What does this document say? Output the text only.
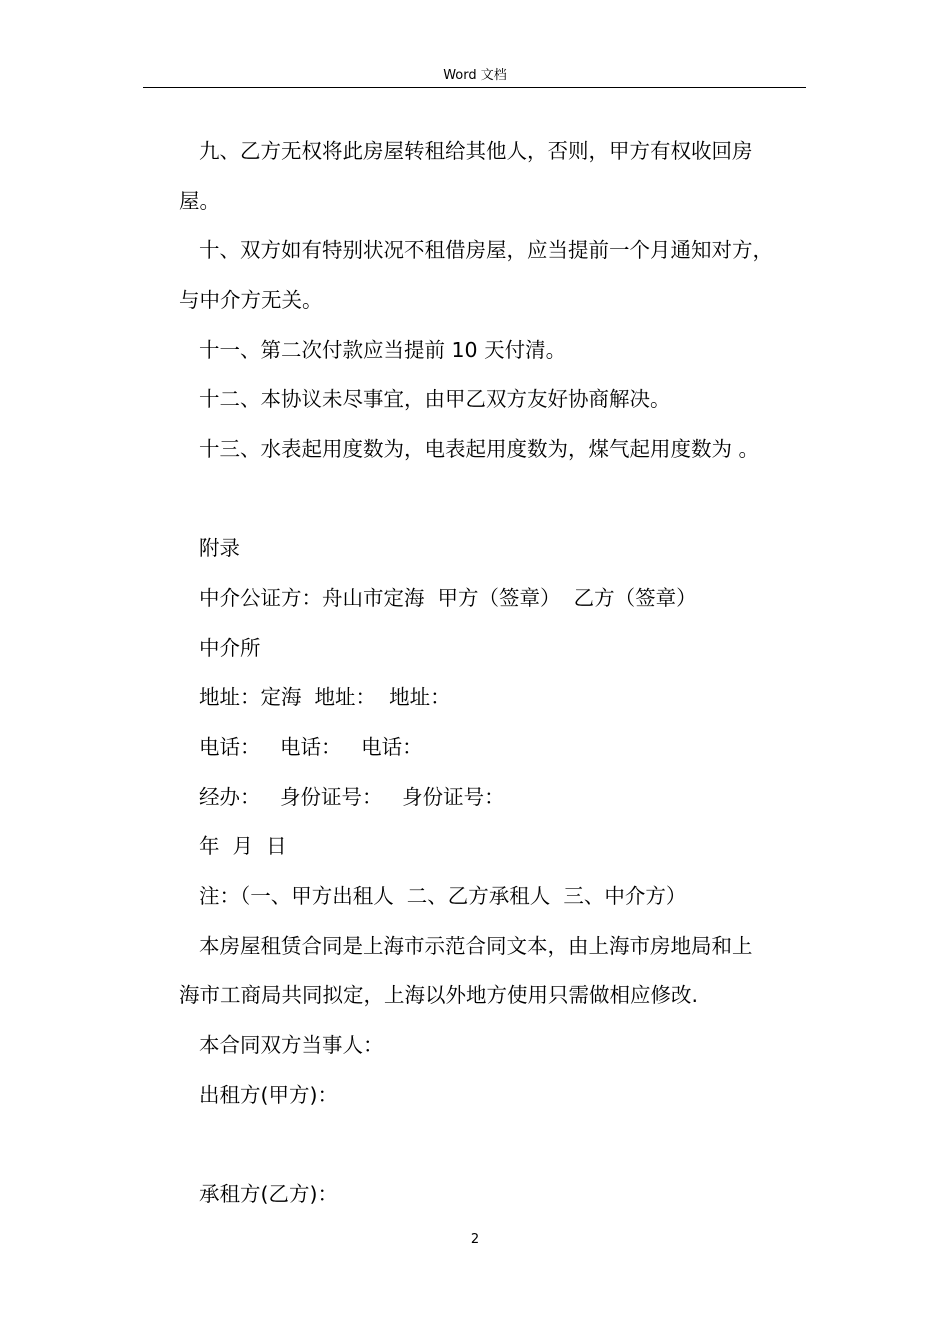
Word 文档
九、乙方无权将此房屋转租给其他人，否则，甲方有权收回房
屋。
十、双方如有特别状况不租借房屋，应当提前一个月通知对方，
与中介方无关。
十一、第二次付款应当提前 10 天付清。
十二、本协议未尽事宜，由甲乙双方友好协商解决。
十三、水表起用度数为，电表起用度数为，煤气起用度数为 。
附录
中介公证方：舟山市定海  甲方（签章）  乙方（签章）
中介所
地址：定海  地址：  地址：
电话：   电话：   电话：
经办：   身份证号：   身份证号：
年  月  日
注：（一、甲方出租人  二、乙方承租人  三、中介方）
本房屋租赁合同是上海市示范合同文本，由上海市房地局和上
海市工商局共同拟定，上海以外地方使用只需做相应修改.
本合同双方当事人：
出租方(甲方)：
承租方(乙方)：
2
